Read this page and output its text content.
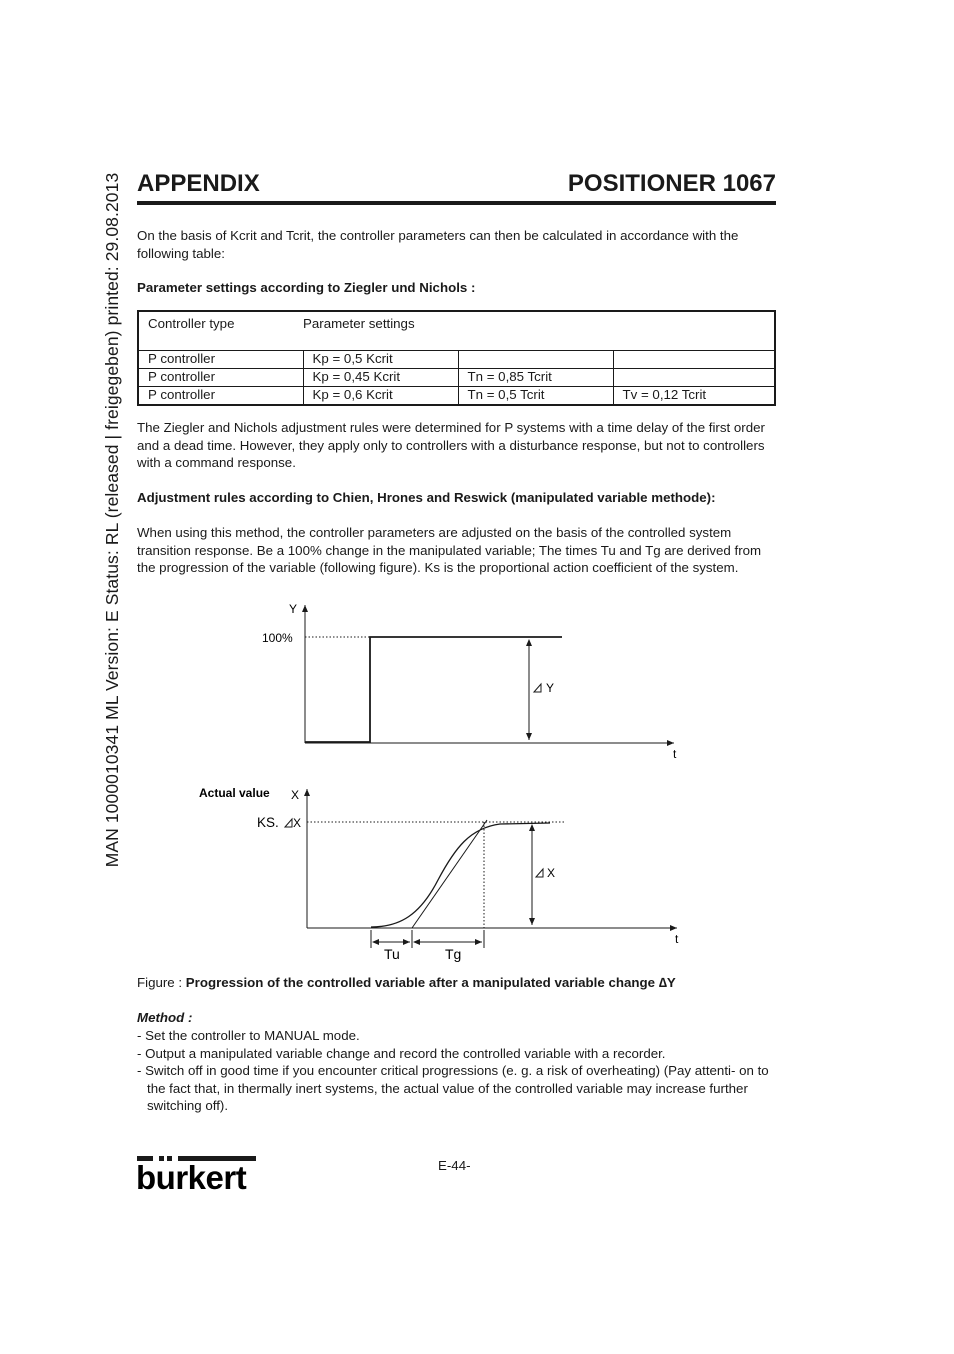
MAN 1000010341 ML Version: E Status: RL (released | freigegeben) printed: 29.08.2013 APPENDIX	POSITIONER 1067
On the basis of Kcrit and Tcrit, the controller parameters can then be calculated in accordance with the following table:
Parameter settings according to Ziegler und Nichols :
Controller type	Parameter settings		
P controller	Kp = 0,5 Kcrit		
P controller	Kp = 0,45 Kcrit	Tn = 0,85 Tcrit	
P controller	Kp = 0,6 Kcrit	Tn = 0,5 Tcrit	Tv = 0,12 Tcrit
The Ziegler and Nichols adjustment rules were determined for P systems with a time delay of the first order and a dead time. However, they apply only to controllers with a disturbance response, but not to controllers with a command response.
Adjustment rules according to Chien, Hrones and Reswick (manipulated variable methode):
When using this method, the controller parameters are adjusted on the basis of the controlled system transition response. Be a 100% change in the manipulated variable; The times Tu and Tg are derived from the progression of the variable (following figure). Ks is the proportional action coefficient of the system.
Y
100%
t
Y
Actual value X
t
KS. X
X
Tu	Tg
Figure : Progression of the controlled variable after a manipulated variable change ∆Y
Method :
- Set the controller to MANUAL mode.
- Output a manipulated variable change and record the controlled variable with a recorder.
- Switch off in good time if you encounter critical progressions (e. g. a risk of overheating) (Pay attenti- on to the fact that, in thermally inert systems, the actual value of the controlled variable may increase further switching off).
burkert	E-44-
